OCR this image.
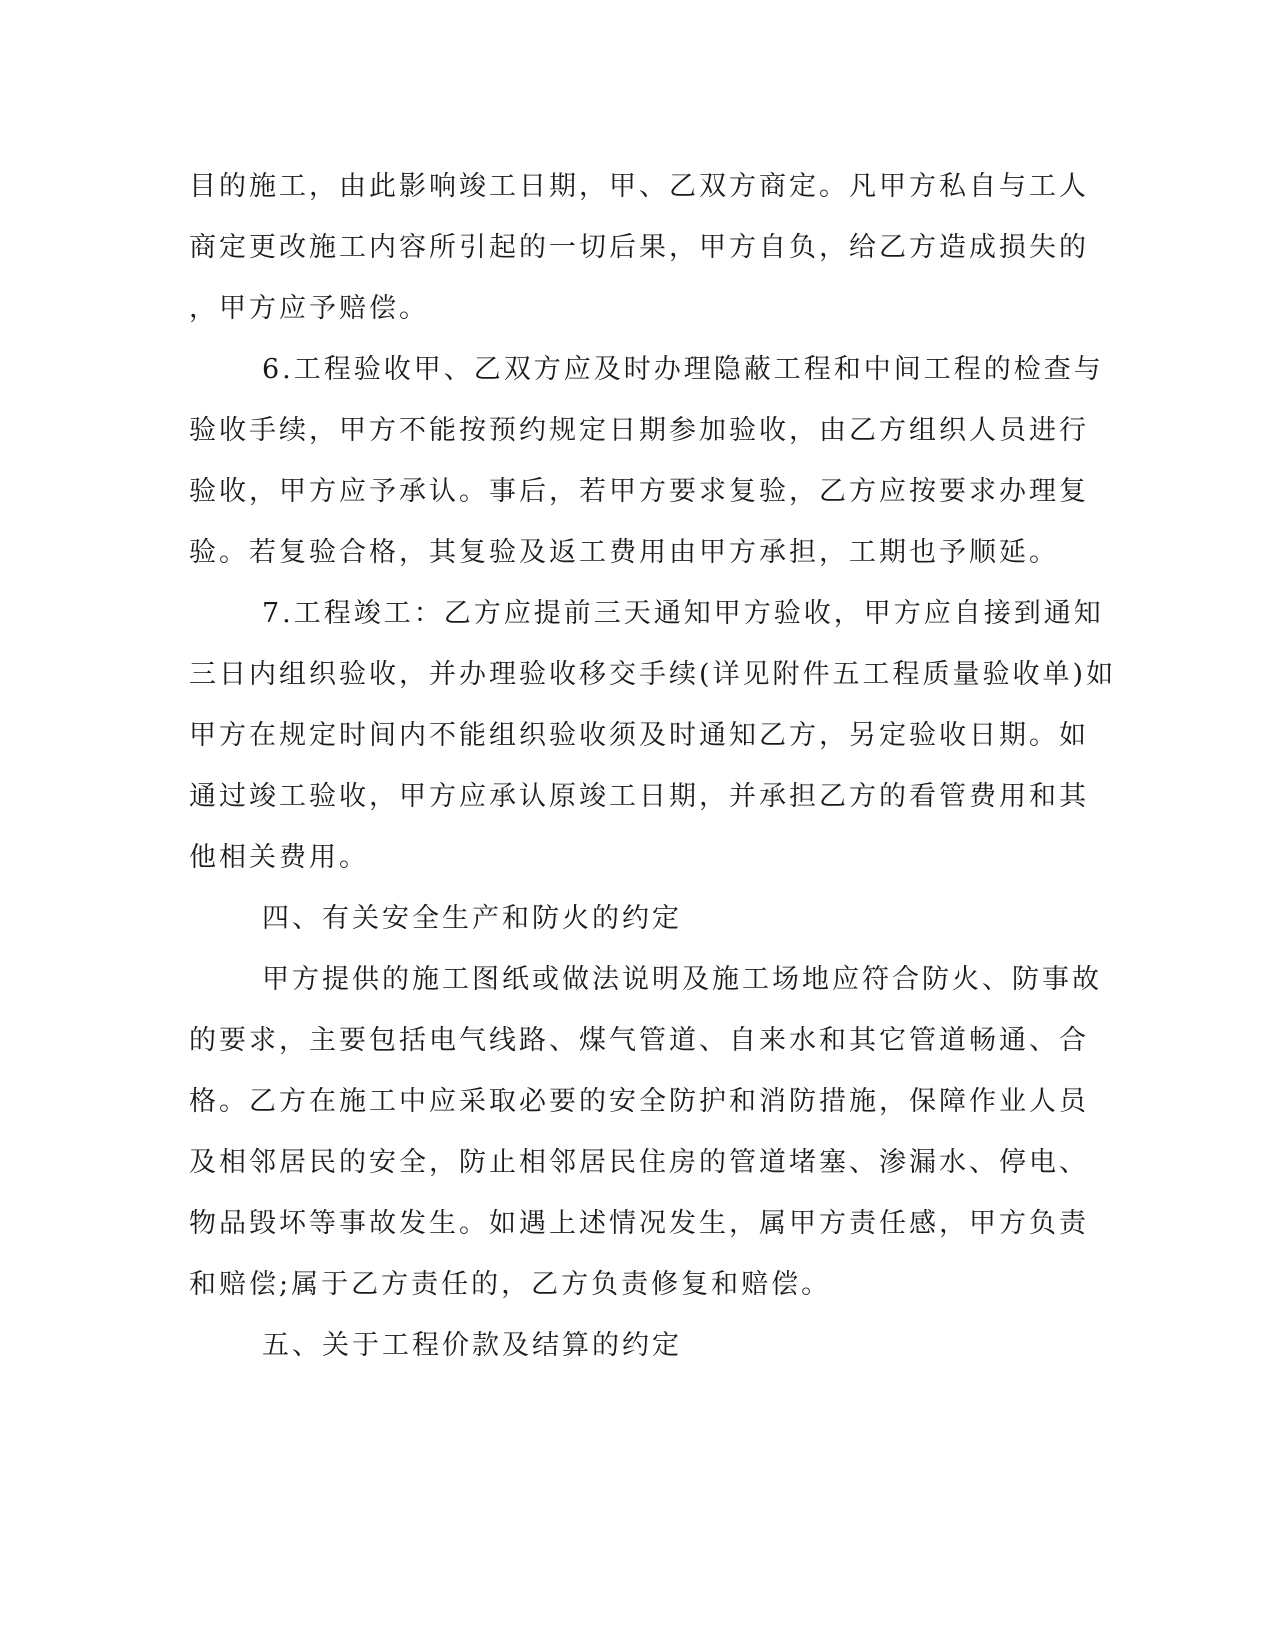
目的施工，由此影响竣工日期，甲、乙双方商定。凡甲方私自与工人
商定更改施工内容所引起的一切后果，甲方自负，给乙方造成损失的
，甲方应予赔偿。
6.工程验收甲、乙双方应及时办理隐蔽工程和中间工程的检查与
验收手续，甲方不能按预约规定日期参加验收，由乙方组织人员进行
验收，甲方应予承认。事后，若甲方要求复验，乙方应按要求办理复
验。若复验合格，其复验及返工费用由甲方承担，工期也予顺延。
7.工程竣工：乙方应提前三天通知甲方验收，甲方应自接到通知
三日内组织验收，并办理验收移交手续(详见附件五工程质量验收单)如
甲方在规定时间内不能组织验收须及时通知乙方，另定验收日期。如
通过竣工验收，甲方应承认原竣工日期，并承担乙方的看管费用和其
他相关费用。
四、有关安全生产和防火的约定
甲方提供的施工图纸或做法说明及施工场地应符合防火、防事故
的要求，主要包括电气线路、煤气管道、自来水和其它管道畅通、合
格。乙方在施工中应采取必要的安全防护和消防措施，保障作业人员
及相邻居民的安全，防止相邻居民住房的管道堵塞、渗漏水、停电、
物品毁坏等事故发生。如遇上述情况发生，属甲方责任感，甲方负责
和赔偿;属于乙方责任的，乙方负责修复和赔偿。
五、关于工程价款及结算的约定
